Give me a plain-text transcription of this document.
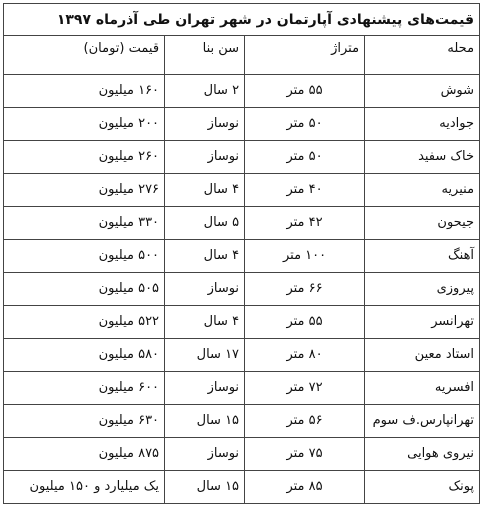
قیمت‌های پیشنهادی آپارتمان در شهر تهران طی آذرماه ۱۳۹۷			
محله	متراژ	سن بنا	قیمت (تومان)
شوش	۵۵ متر	۲ سال	۱۶۰ میلیون
جوادیه	۵۰ متر	نوساز	۲۰۰ میلیون
خاک سفید	۵۰ متر	نوساز	۲۶۰ میلیون
منیریه	۴۰ متر	۴ سال	۲۷۶ میلیون
جیحون	۴۲ متر	۵ سال	۳۳۰ میلیون
آهنگ	۱۰۰ متر	۴ سال	۵۰۰ میلیون
پیروزی	۶۶ متر	نوساز	۵۰۵ میلیون
تهرانسر	۵۵ متر	۴ سال	۵۲۲ میلیون
استاد معین	۸۰ متر	۱۷ سال	۵۸۰ میلیون
افسریه	۷۲ متر	نوساز	۶۰۰ میلیون
تهرانپارس.ف سوم	۵۶ متر	۱۵ سال	۶۳۰ میلیون
نیروی هوایی	۷۵ متر	نوساز	۸۷۵ میلیون
پونک	۸۵ متر	۱۵ سال	یک میلیارد و ۱۵۰ میلیون
